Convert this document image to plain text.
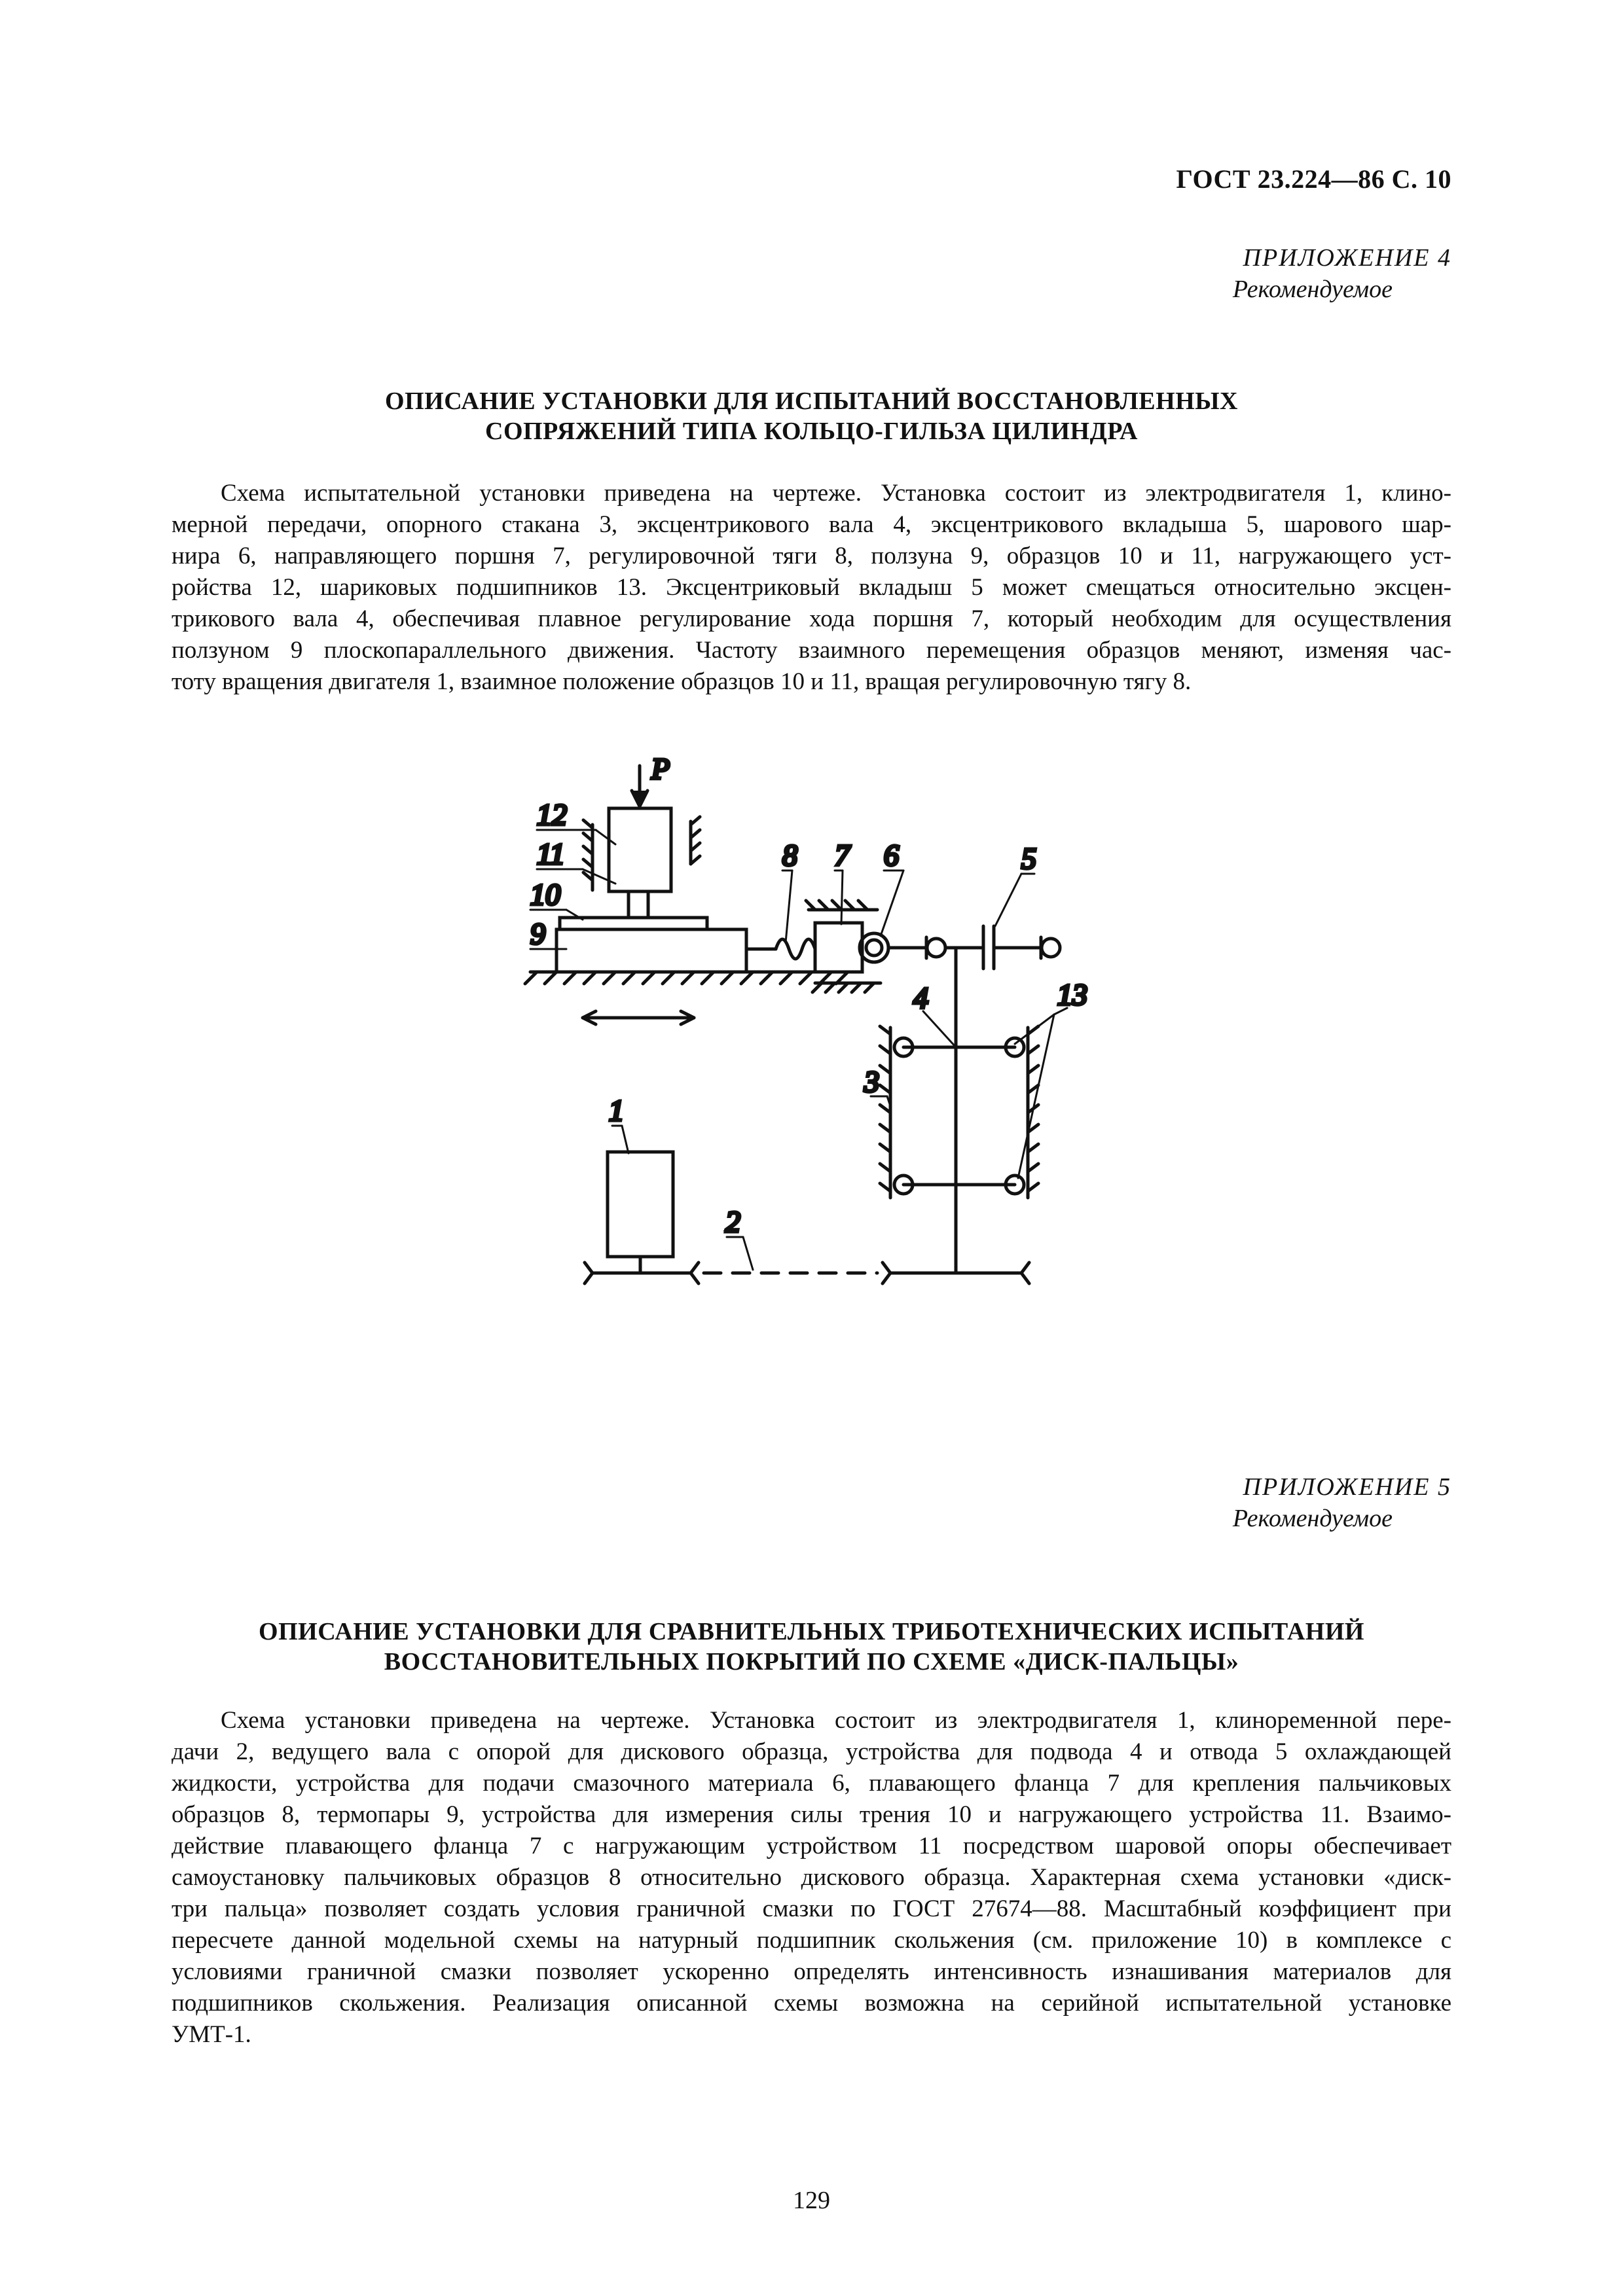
ГОСТ 23.224—86 С. 10
ПРИЛОЖЕНИЕ 4
Рекомендуемое
ОПИСАНИЕ УСТАНОВКИ ДЛЯ ИСПЫТАНИЙ ВОССТАНОВЛЕННЫХ
СОПРЯЖЕНИЙ ТИПА КОЛЬЦО-ГИЛЬЗА ЦИЛИНДРА
Схема испытательной установки приведена на чертеже. Установка состоит из электродвигателя 1, клино-
мерной передачи, опорного стакана 3, эксцентрикового вала 4, эксцентрикового вкладыша 5, шарового шар-
нира 6, направляющего поршня 7, регулировочной тяги 8, ползуна 9, образцов 10 и 11, нагружающего уст-
ройства 12, шариковых подшипников 13. Эксцентриковый вкладыш 5 может смещаться относительно эксцен-
трикового вала 4, обеспечивая плавное регулирование хода поршня 7, который необходим для осуществления
ползуном 9 плоскопараллельного движения. Частоту взаимного перемещения образцов меняют, изменяя час-
тоту вращения двигателя 1, взаимное положение образцов 10 и 11, вращая регулировочную тягу 8.
P
12
11
10
9
8 7 6	5
4
3
13
1
2
ПРИЛОЖЕНИЕ 5
Рекомендуемое
ОПИСАНИЕ УСТАНОВКИ ДЛЯ СРАВНИТЕЛЬНЫХ ТРИБОТЕХНИЧЕСКИХ ИСПЫТАНИЙ
ВОССТАНОВИТЕЛЬНЫХ ПОКРЫТИЙ ПО СХЕМЕ «ДИСК-ПАЛЬЦЫ»
Схема установки приведена на чертеже. Установка состоит из электродвигателя 1, клиноременной пере-
дачи 2, ведущего вала с опорой для дискового образца, устройства для подвода 4 и отвода 5 охлаждающей
жидкости, устройства для подачи смазочного материала 6, плавающего фланца 7 для крепления пальчиковых
образцов 8, термопары 9, устройства для измерения силы трения 10 и нагружающего устройства 11. Взаимо-
действие плавающего фланца 7 с нагружающим устройством 11 посредством шаровой опоры обеспечивает
самоустановку пальчиковых образцов 8 относительно дискового образца. Характерная схема установки «диск-
три пальца» позволяет создать условия граничной смазки по ГОСТ 27674—88. Масштабный коэффициент при
пересчете данной модельной схемы на натурный подшипник скольжения (см. приложение 10) в комплексе с
условиями граничной смазки позволяет ускоренно определять интенсивность изнашивания материалов для
подшипников скольжения. Реализация описанной схемы возможна на серийной испытательной установке
УМТ-1.
129
